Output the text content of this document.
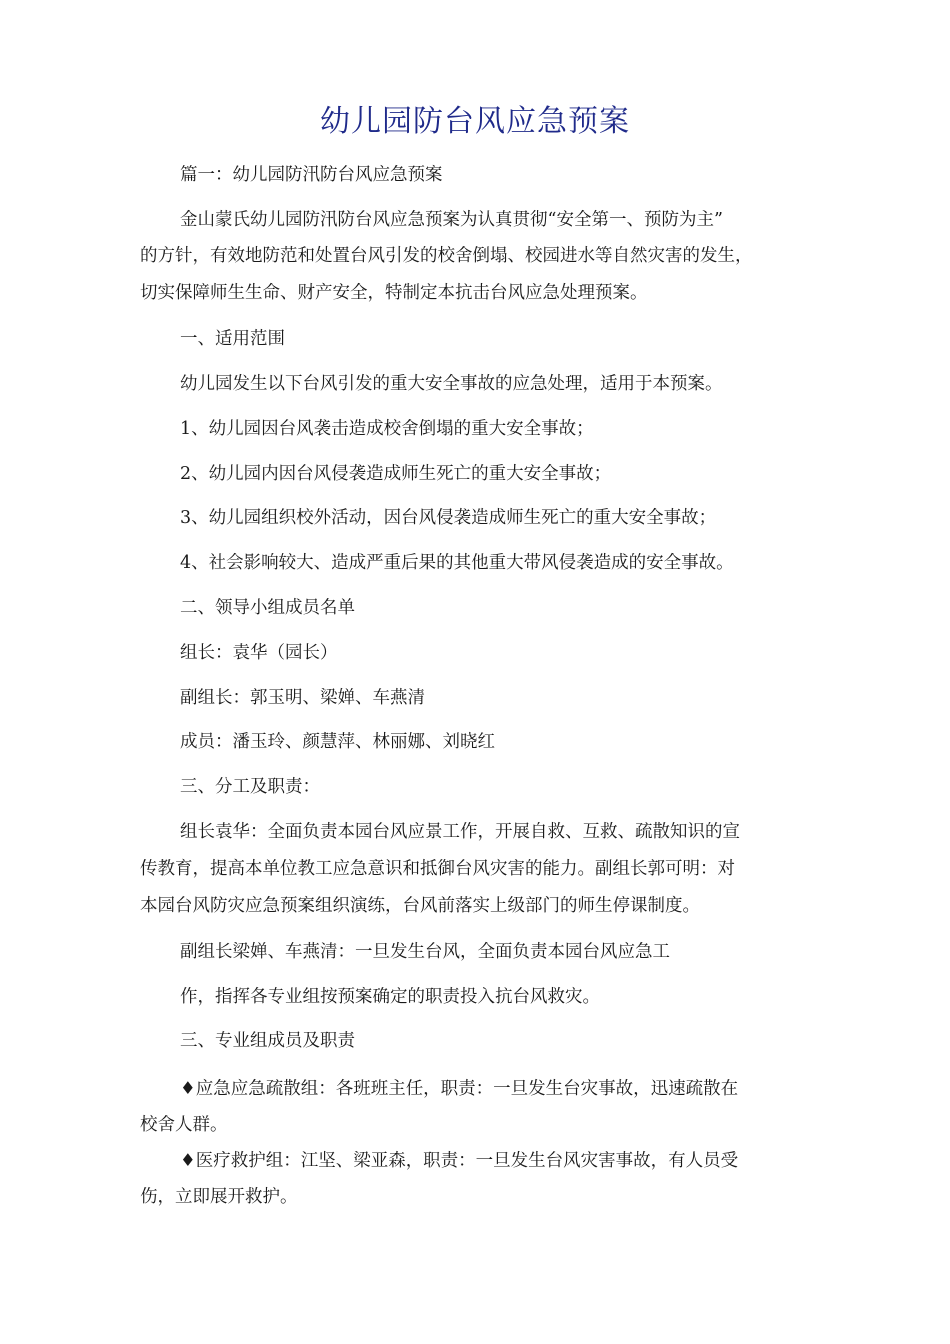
幼儿园防台风应急预案
篇一：幼儿园防汛防台风应急预案
金山蒙氏幼儿园防汛防台风应急预案为认真贯彻“安全第一、预防为主”
的方针，有效地防范和处置台风引发的校舍倒塌、校园进水等自然灾害的发生，
切实保障师生生命、财产安全，特制定本抗击台风应急处理预案。
一、适用范围
幼儿园发生以下台风引发的重大安全事故的应急处理，适用于本预案。
1、幼儿园因台风袭击造成校舍倒塌的重大安全事故；
2、幼儿园内因台风侵袭造成师生死亡的重大安全事故；
3、幼儿园组织校外活动，因台风侵袭造成师生死亡的重大安全事故；
4、社会影响较大、造成严重后果的其他重大带风侵袭造成的安全事故。
二、领导小组成员名单
组长：袁华（园长）
副组长：郭玉明、梁婵、车燕清
成员：潘玉玲、颜慧萍、林丽娜、刘晓红
三、分工及职责：
组长袁华：全面负责本园台风应景工作，开展自救、互救、疏散知识的宣
传教育，提高本单位教工应急意识和抵御台风灾害的能力。副组长郭可明：对
本园台风防灾应急预案组织演练，台风前落实上级部门的师生停课制度。
副组长梁婵、车燕清：一旦发生台风，全面负责本园台风应急工
作，指挥各专业组按预案确定的职责投入抗台风救灾。
三、专业组成员及职责
♦应急应急疏散组：各班班主任，职责：一旦发生台灾事故，迅速疏散在
校舍人群。
♦医疗救护组：江坚、梁亚森，职责：一旦发生台风灾害事故，有人员受
伤，立即展开救护。
